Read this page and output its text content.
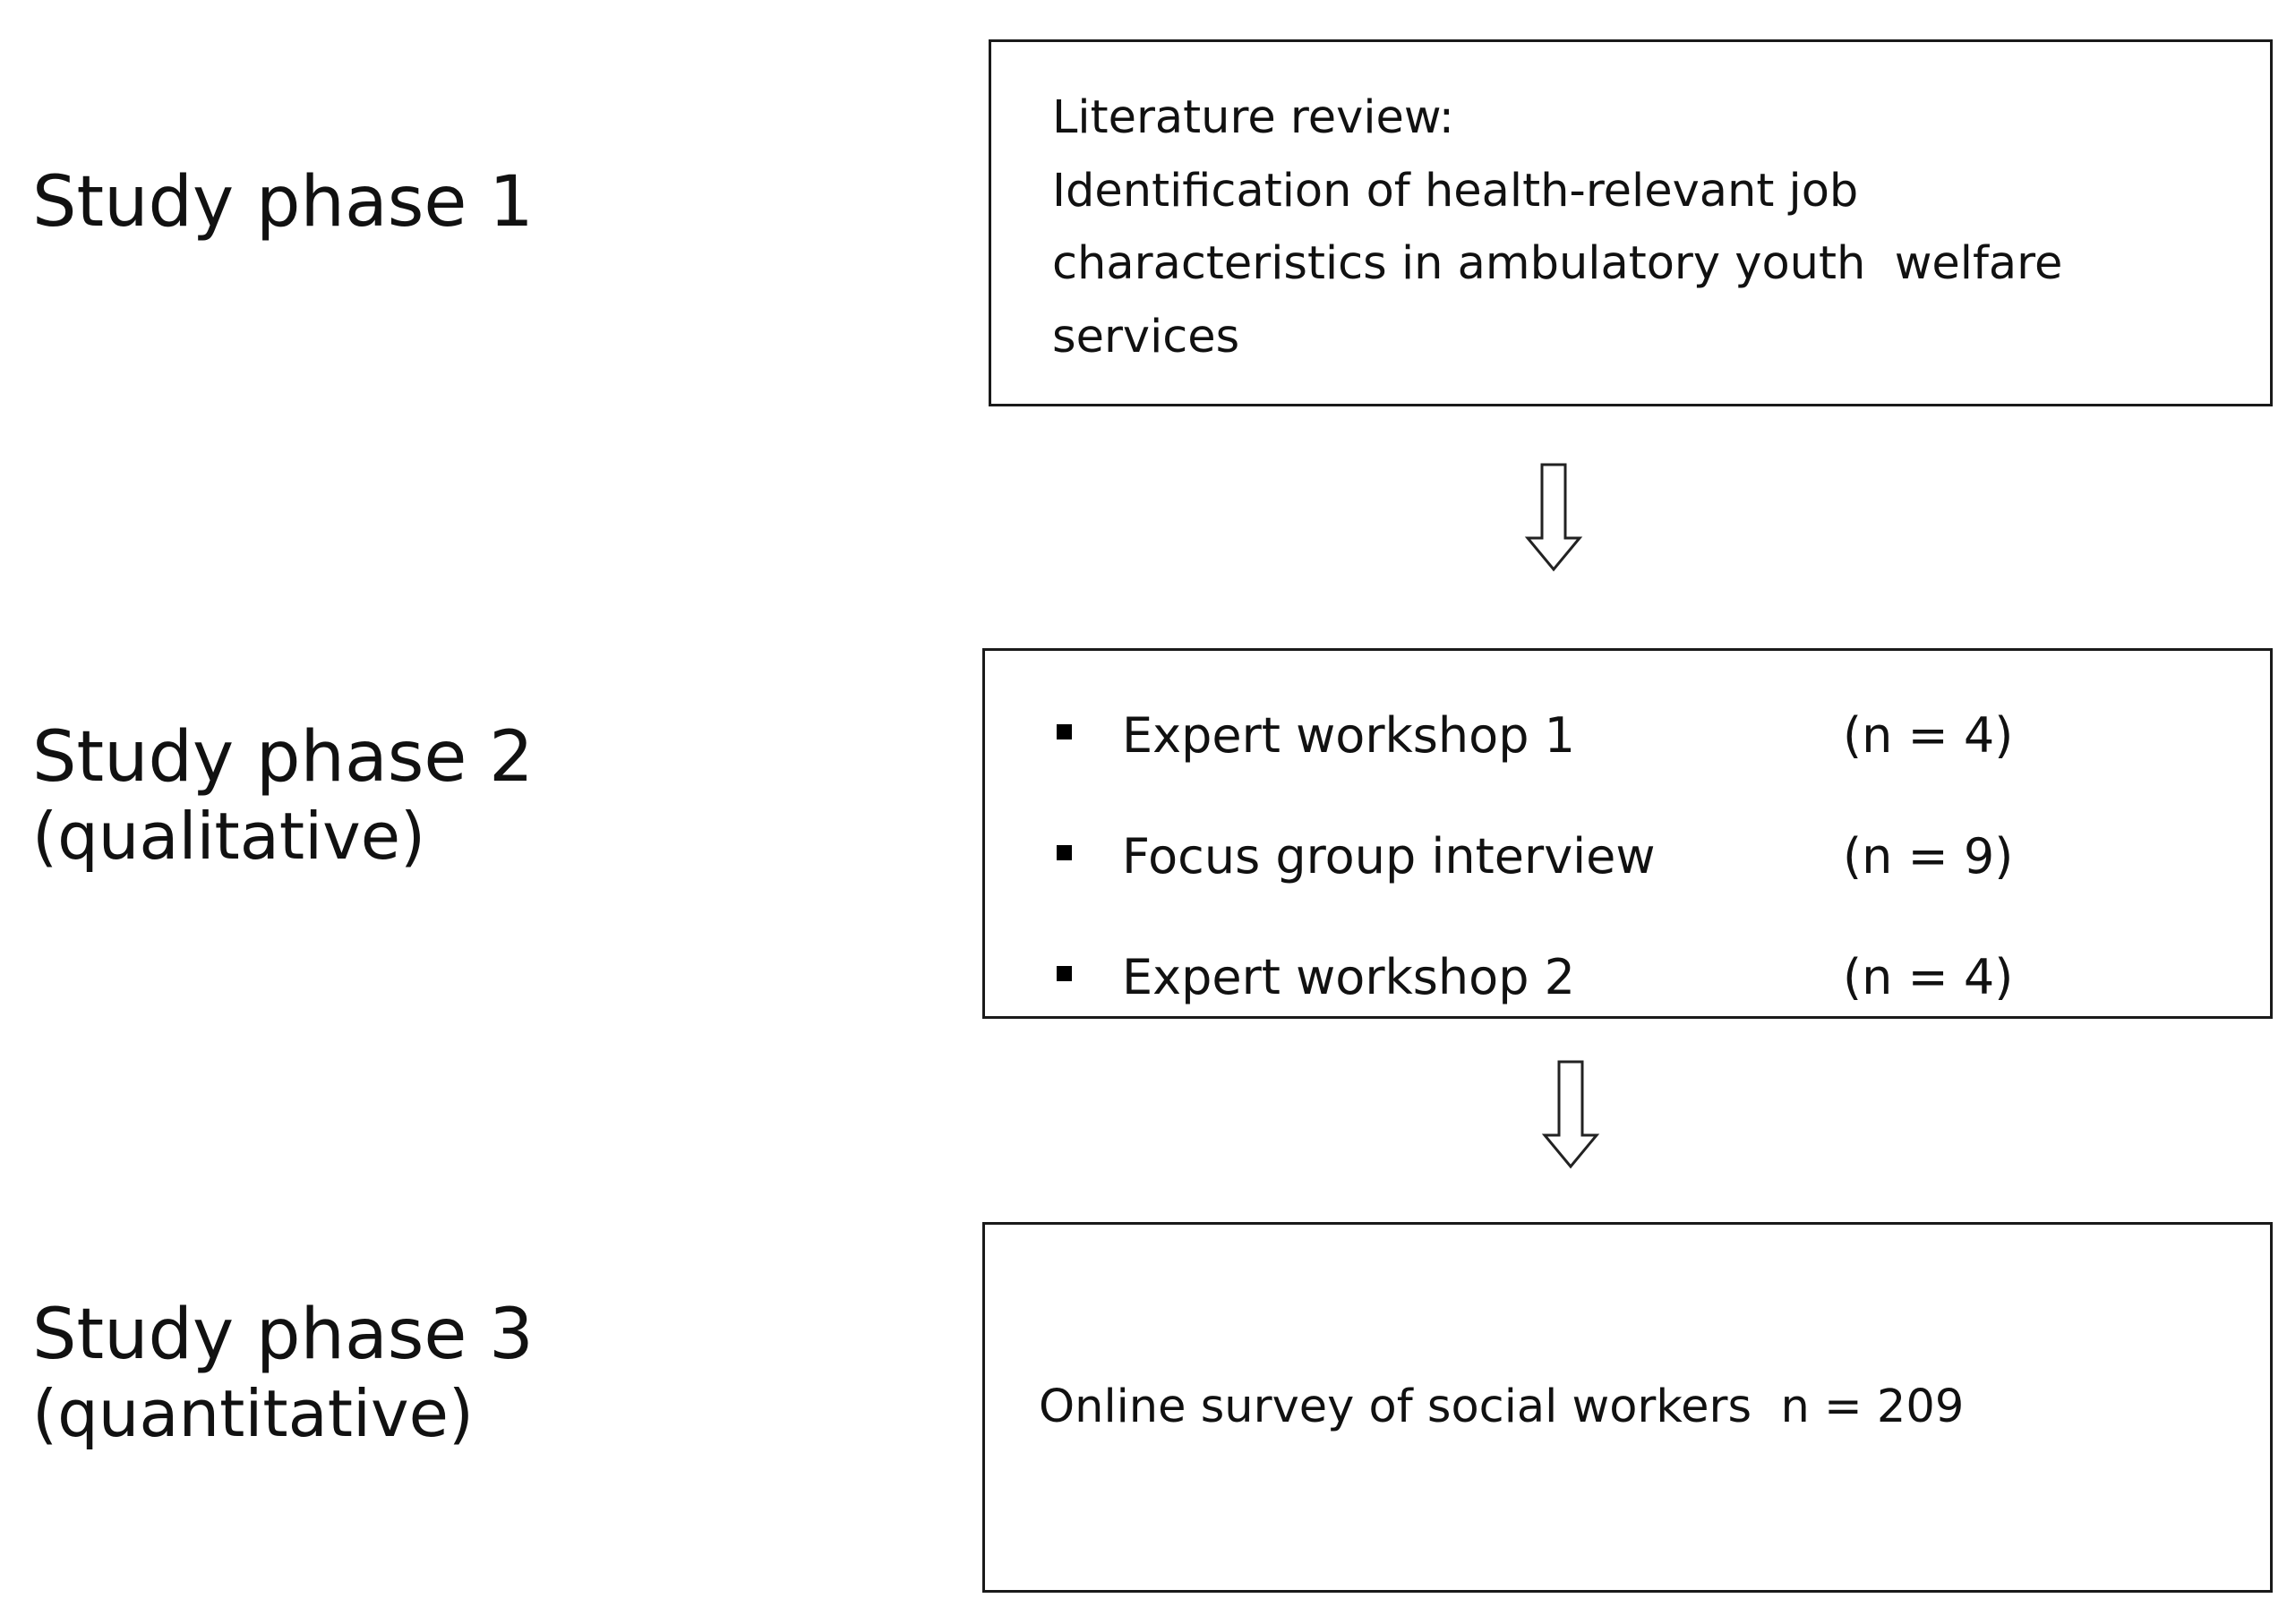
Study phase 1
Study phase 2
(qualitative)
Study phase 3
(quantitative)
Literature review:
Identification of health-relevant job
characteristics in ambulatory youth  welfare
services
Expert workshop 1	(n = 4)
Focus group interview	(n = 9)
Expert workshop 2	(n = 4)
Online survey of social workers  n = 209
